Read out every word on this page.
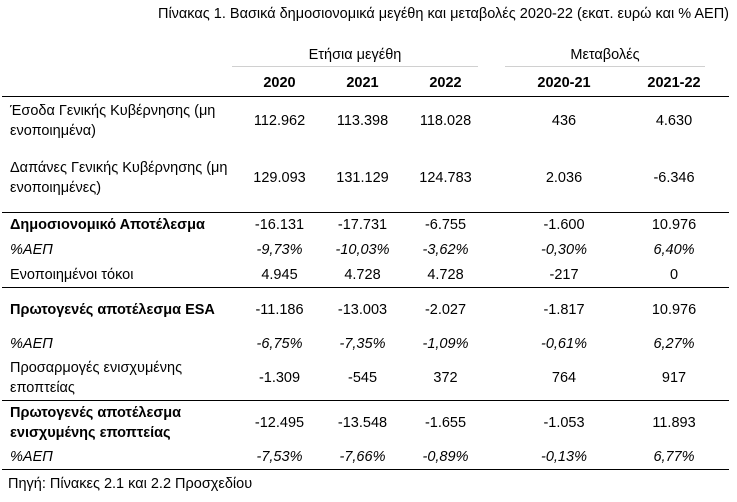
Πίνακας 1. Βασικά δημοσιονομικά μεγέθη και μεταβολές 2020-22 (εκατ. ευρώ και % ΑΕΠ)
Ετήσια μεγέθη	Μεταβολές
	2020	2021	2022		2020-21	2021-22
Έσοδα Γενικής Κυβέρνησης (μη ενοποιημένα)	112.962	113.398	118.028		436	4.630
Δαπάνες Γενικής Κυβέρνησης (μη ενοποιημένες)	129.093	131.129	124.783		2.036	-6.346
Δημοσιονομικό Αποτέλεσμα	-16.131	-17.731	-6.755		-1.600	10.976
%ΑΕΠ	-9,73%	-10,03%	-3,62%		-0,30%	6,40%
Ενοποιημένοι τόκοι	4.945	4.728	4.728		-217	0
Πρωτογενές αποτέλεσμα ESA	-11.186	-13.003	-2.027		-1.817	10.976
%ΑΕΠ	-6,75%	-7,35%	-1,09%		-0,61%	6,27%
Προσαρμογές ενισχυμένης εποπτείας	-1.309	-545	372		764	917
Πρωτογενές αποτέλεσμα ενισχυμένης εποπτείας	-12.495	-13.548	-1.655		-1.053	11.893
%ΑΕΠ	-7,53%	-7,66%	-0,89%		-0,13%	6,77%
Πηγή: Πίνακες 2.1 και 2.2 Προσχεδίου
